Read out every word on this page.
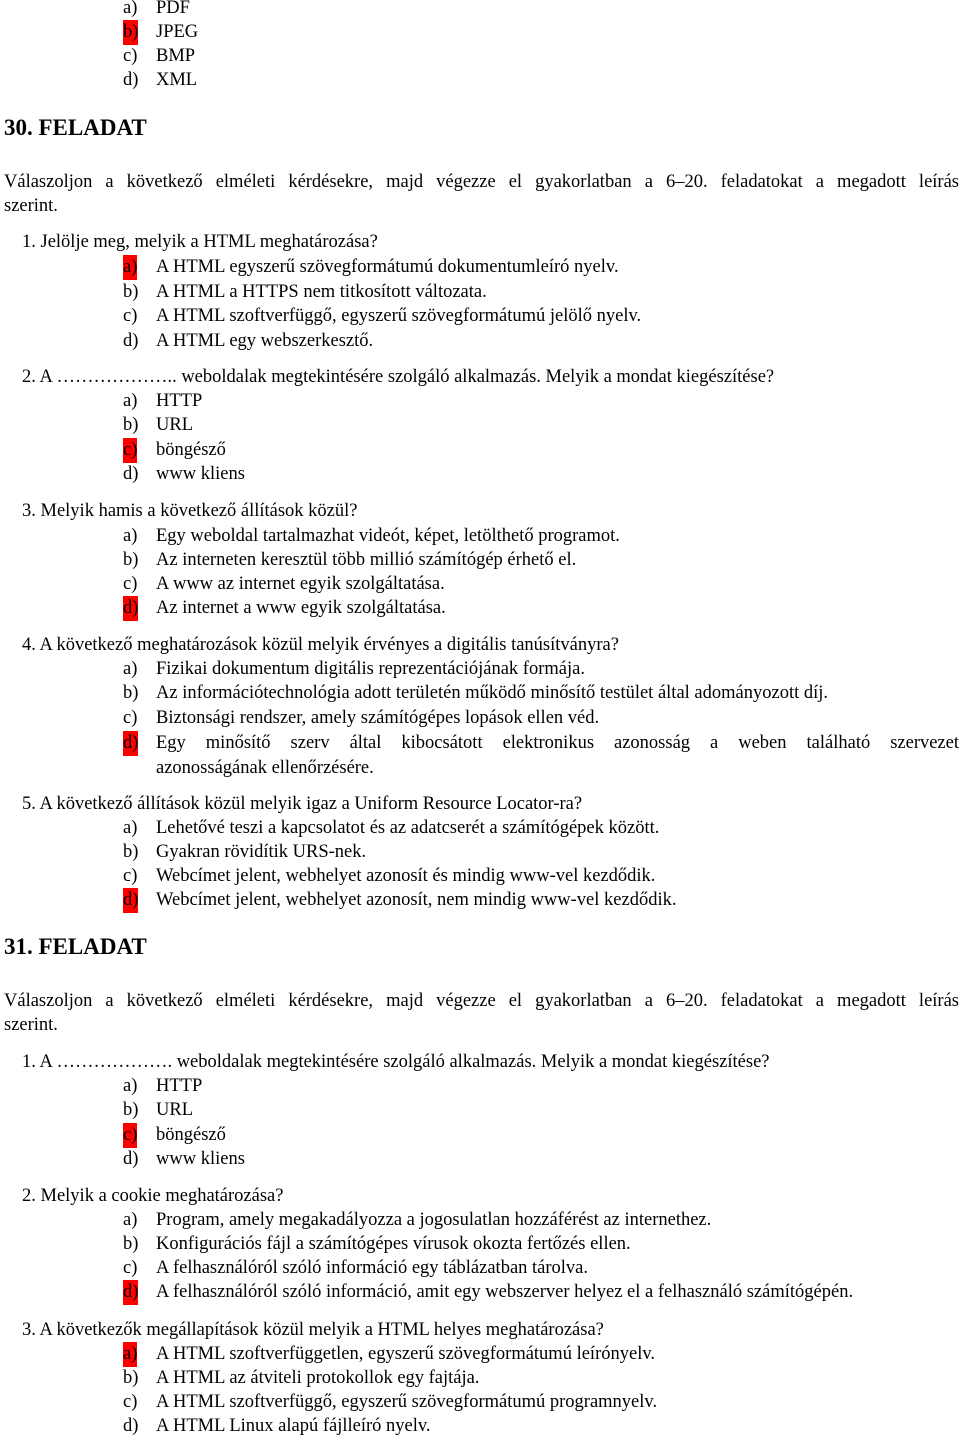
a) PDF
b) JPEG
c) BMP
d) XML
30. FELADAT
Válaszoljon a következő elméleti kérdésekre, majd végezze el gyakorlatban a 6–20. feladatokat a megadott leírás
szerint.
1. Jelölje meg, melyik a HTML meghatározása?
a) A HTML egyszerű szövegformátumú dokumentumleíró nyelv.
b) A HTML a HTTPS nem titkosított változata.
c) A HTML szoftverfüggő, egyszerű szövegformátumú jelölő nyelv.
d) A HTML egy webszerkesztő.
2. A ……………….. weboldalak megtekintésére szolgáló alkalmazás. Melyik a mondat kiegészítése?
a) HTTP
b) URL
c) böngésző
d) www kliens
3. Melyik hamis a következő állítások közül?
a) Egy weboldal tartalmazhat videót, képet, letölthető programot.
b) Az interneten keresztül több millió számítógép érhető el.
c) A www az internet egyik szolgáltatása.
d) Az internet a www egyik szolgáltatása.
4. A következő meghatározások közül melyik érvényes a digitális tanúsítványra?
a) Fizikai dokumentum digitális reprezentációjának formája.
b) Az információtechnológia adott területén működő minősítő testület által adományozott díj.
c) Biztonsági rendszer, amely számítógépes lopások ellen véd.
d) Egy minősítő szerv által kibocsátott elektronikus azonosság a weben található szervezet
azonosságának ellenőrzésére.
5. A következő állítások közül melyik igaz a Uniform Resource Locator-ra?
a) Lehetővé teszi a kapcsolatot és az adatcserét a számítógépek között.
b) Gyakran rövidítik URS-nek.
c) Webcímet jelent, webhelyet azonosít és mindig www-vel kezdődik.
d) Webcímet jelent, webhelyet azonosít, nem mindig www-vel kezdődik.
31. FELADAT
Válaszoljon a következő elméleti kérdésekre, majd végezze el gyakorlatban a 6–20. feladatokat a megadott leírás
szerint.
1. A ………………. weboldalak megtekintésére szolgáló alkalmazás. Melyik a mondat kiegészítése?
a) HTTP
b) URL
c) böngésző
d) www kliens
2. Melyik a cookie meghatározása?
a) Program, amely megakadályozza a jogosulatlan hozzáférést az internethez.
b) Konfigurációs fájl a számítógépes vírusok okozta fertőzés ellen.
c) A felhasználóról szóló információ egy táblázatban tárolva.
d) A felhasználóról szóló információ, amit egy webszerver helyez el a felhasználó számítógépén.
3. A következők megállapítások közül melyik a HTML helyes meghatározása?
a) A HTML szoftverfüggetlen, egyszerű szövegformátumú leírónyelv.
b) A HTML az átviteli protokollok egy fajtája.
c) A HTML szoftverfüggő, egyszerű szövegformátumú programnyelv.
d) A HTML Linux alapú fájlleíró nyelv.
